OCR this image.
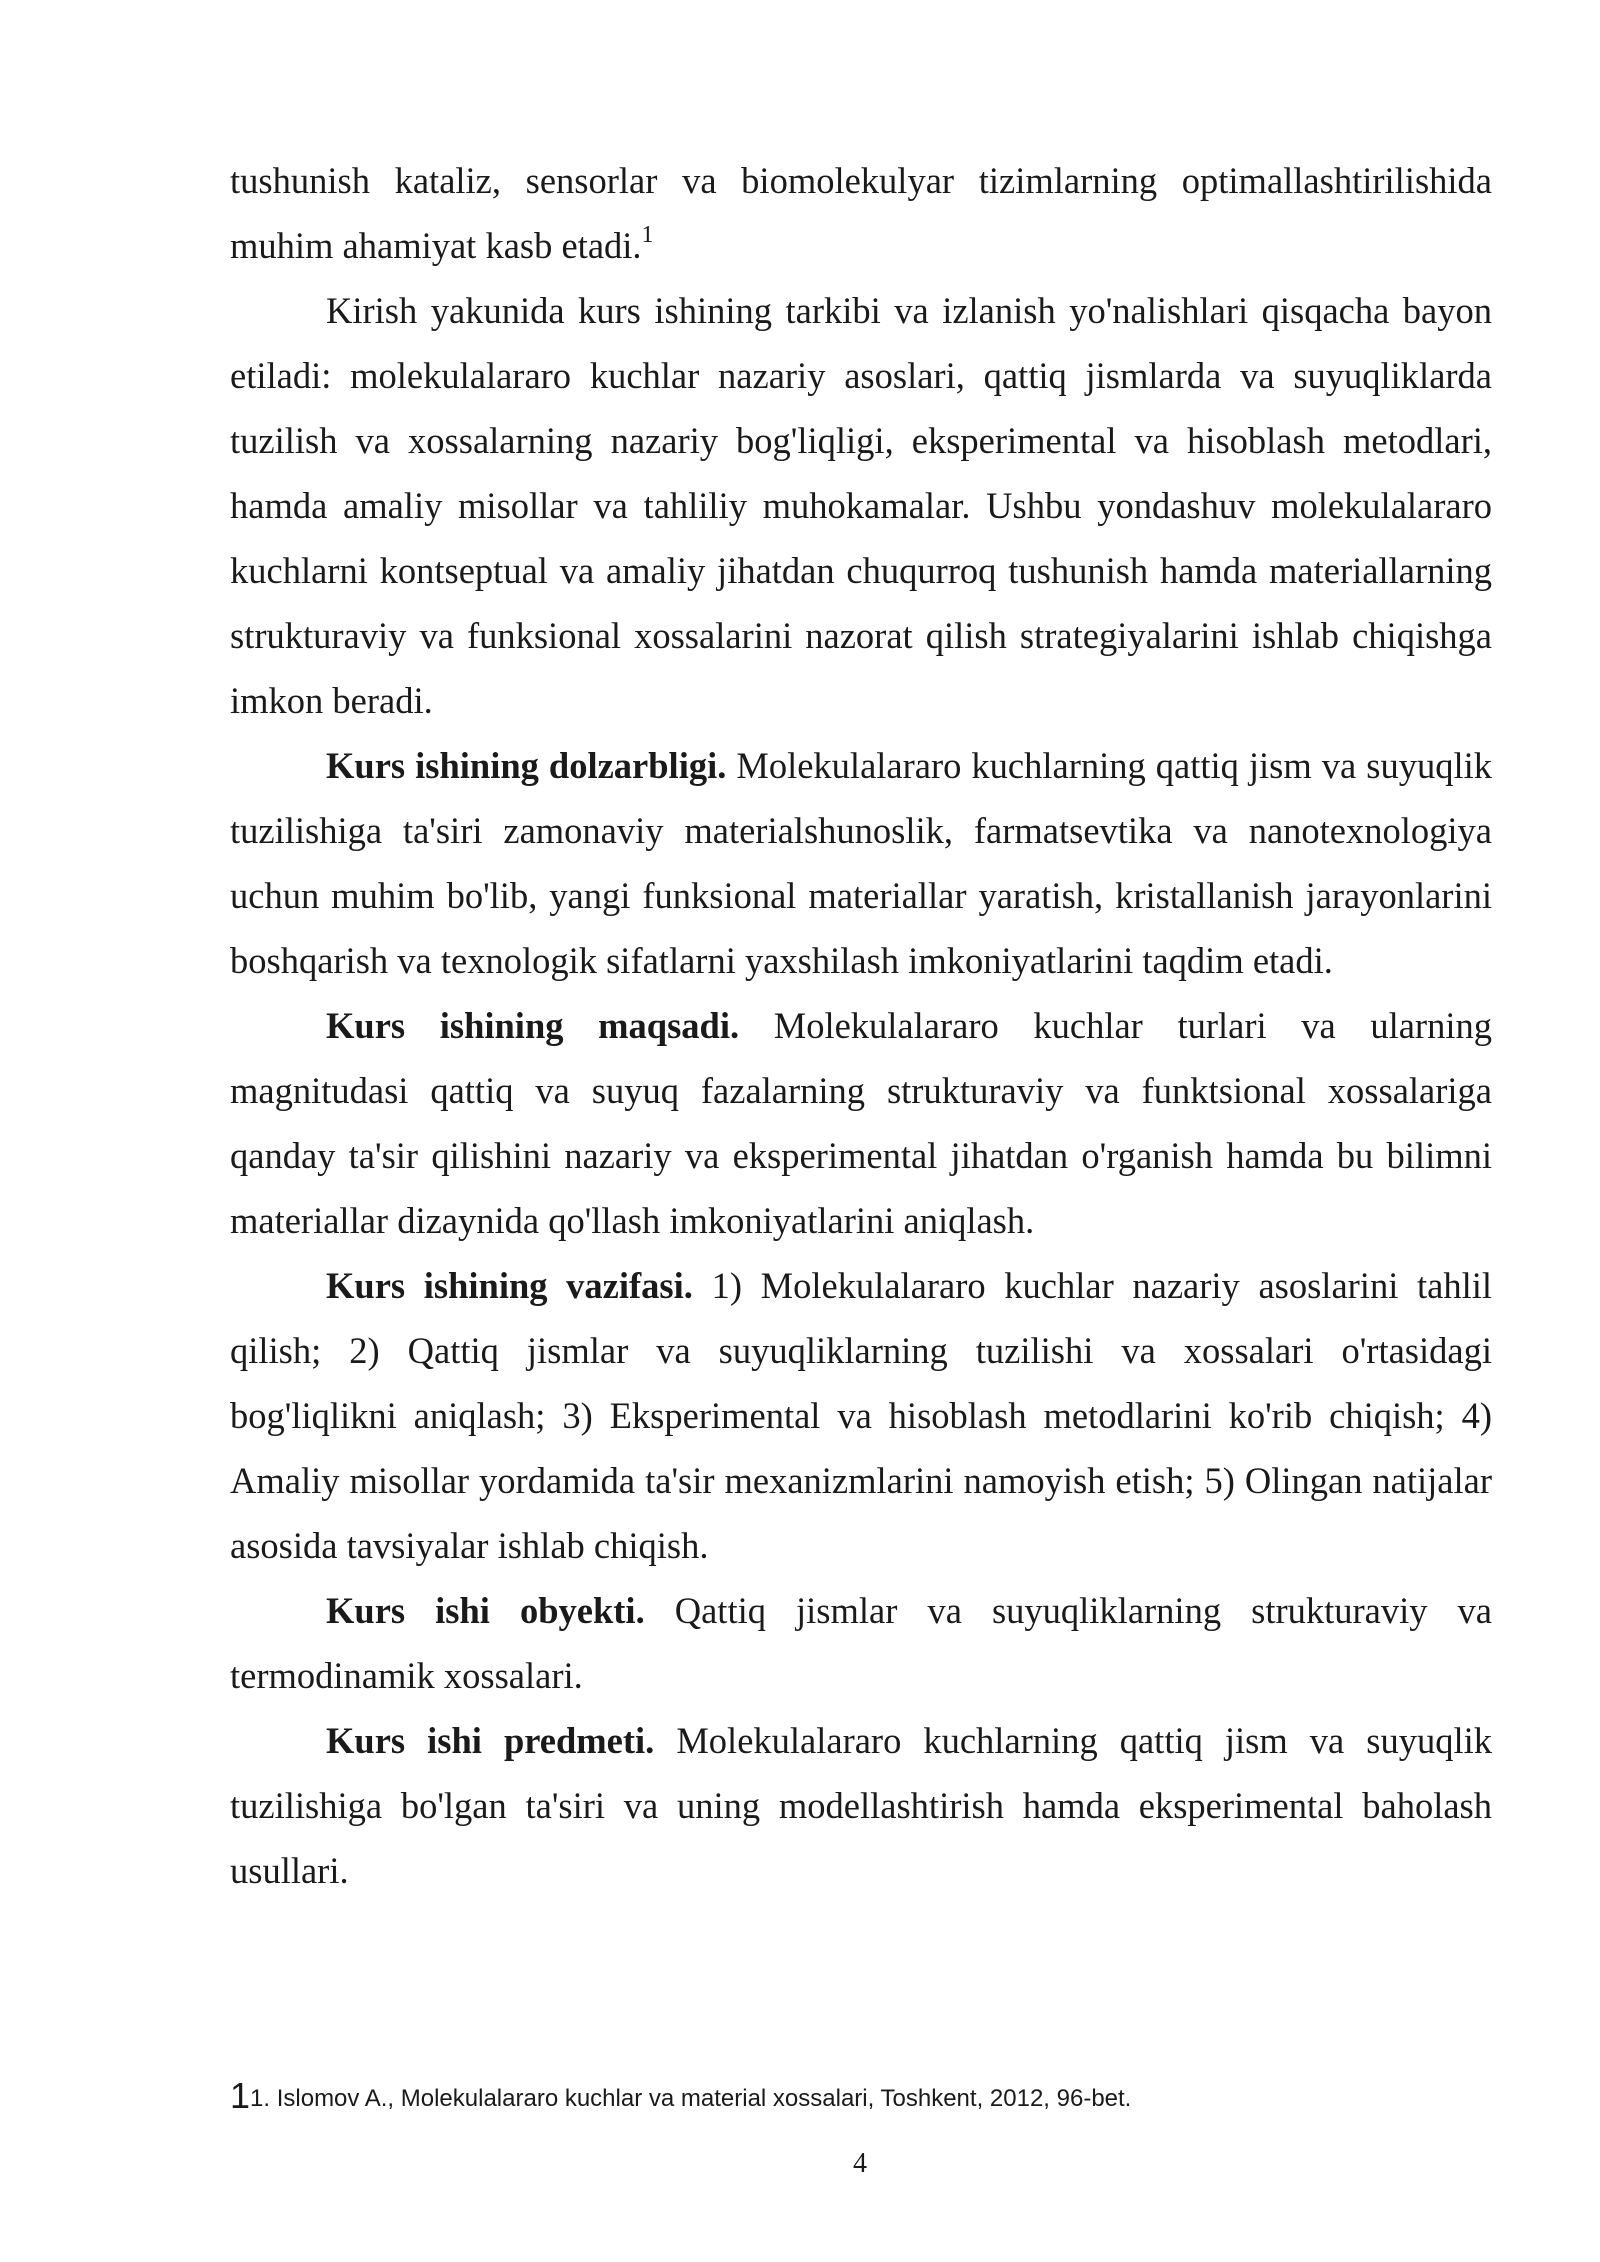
tushunish kataliz, sensorlar va biomolekulyar tizimlarning optimallashtirilishida muhim ahamiyat kasb etadi.$^1$

Kirish yakunida kurs ishining tarkibi va izlanish yo'nalishlari qisqacha bayon etiladi: molekulalararo kuchlar nazariy asoslari, qattiq jismlarda va suyuqliklarda tuzilish va xossalarning nazariy bog'liqligi, eksperimental va hisoblash metodlari, hamda amaliy misollar va tahliliy muhokamalar. Ushbu yondashuv molekulalararo kuchlarni kontseptual va amaliy jihatdan chuqurroq tushunish hamda materiallarning strukturaviy va funksional xossalarini nazorat qilish strategiyalarini ishlab chiqishga imkon beradi.

Kurs ishining dolzarbligi. Molekulalararo kuchlarning qattiq jism va suyuqlik tuzilishiga ta'siri zamonaviy materialshunoslik, farmatsevtika va nanotexnologiya uchun muhim bo'lib, yangi funksional materiallar yaratish, kristallanish jarayonlarini boshqarish va texnologik sifatlarni yaxshilash imkoniyatlarini taqdim etadi.

Kurs ishining maqsadi. Molekulalararo kuchlar turlari va ularning magnitudasi qattiq va suyuq fazalarning strukturaviy va funktsional xossalariga qanday ta'sir qilishini nazariy va eksperimental jihatdan o'rganish hamda bu bilimni materiallar dizaynida qo'llash imkoniyatlarini aniqlash.

Kurs ishining vazifasi. 1) Molekulalararo kuchlar nazariy asoslarini tahlil qilish; 2) Qattiq jismlar va suyuqliklarning tuzilishi va xossalari o'rtasidagi bog'liqlikni aniqlash; 3) Eksperimental va hisoblash metodlarini ko'rib chiqish; 4) Amaliy misollar yordamida ta'sir mexanizmlarini namoyish etish; 5) Olingan natijalar asosida tavsiyalar ishlab chiqish.

Kurs ishi obyekti. Qattiq jismlar va suyuqliklarning strukturaviy va termodinamik xossalari.

Kurs ishi predmeti. Molekulalararo kuchlarning qattiq jism va suyuqlik tuzilishiga bo'lgan ta'siri va uning modellashtirish hamda eksperimental baholash usullari.

11. Islomov A., Molekulalararo kuchlar va material xossalari, Toshkent, 2012, 96-bet.
4
